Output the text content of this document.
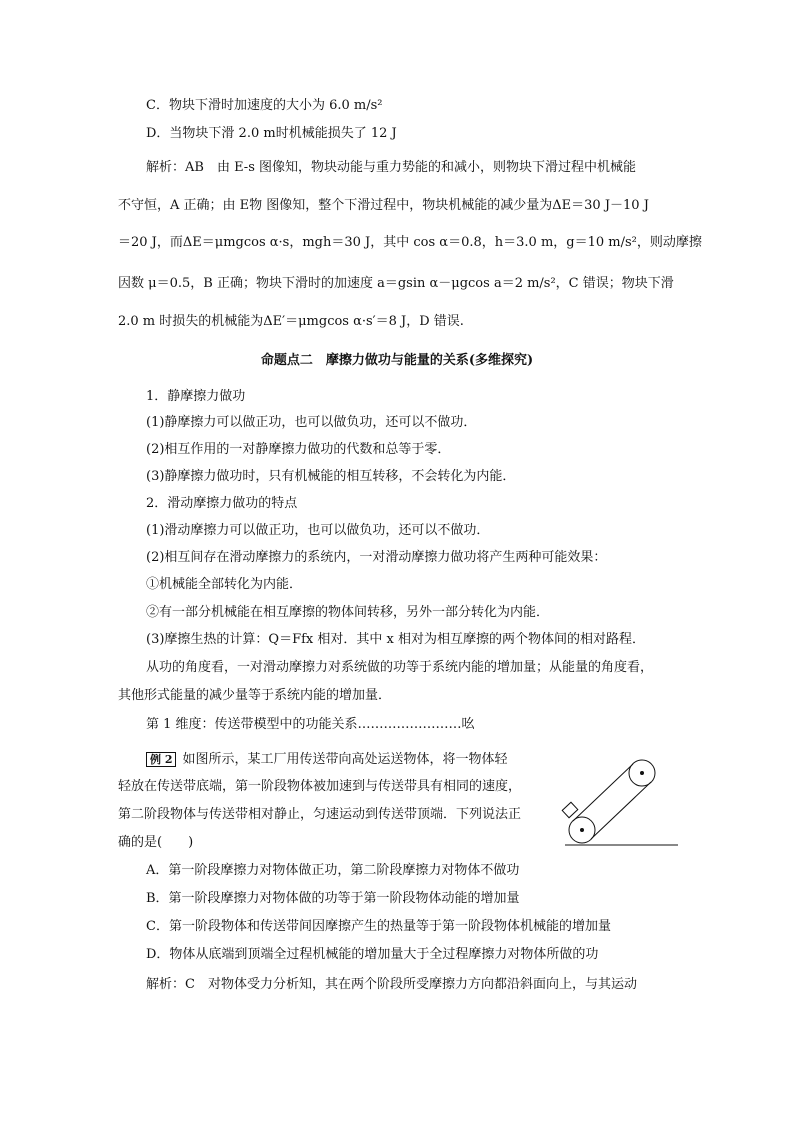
C．物块下滑时加速度的大小为 6.0 m/s²
D．当物块下滑 2.0 m时机械能损失了 12 J
解析：AB　由 E-s 图像知，物块动能与重力势能的和减小，则物块下滑过程中机械能
不守恒，A 正确；由 E物 图像知，整个下滑过程中，物块机械能的减少量为ΔE＝30 J－10 J
＝20 J，而ΔE＝μmgcos α·s，mgh＝30 J，其中 cos α＝0.8，h＝3.0 m，g＝10 m/s²，则动摩擦
因数 μ＝0.5，B 正确；物块下滑时的加速度 a＝gsin α－μgcos a＝2 m/s²，C 错误；物块下滑
2.0 m 时损失的机械能为ΔE′＝μmgcos α·s′＝8 J，D 错误.
命题点二　摩擦力做功与能量的关系(多维探究)
1．静摩擦力做功
(1)静摩擦力可以做正功，也可以做负功，还可以不做功．
(2)相互作用的一对静摩擦力做功的代数和总等于零．
(3)静摩擦力做功时，只有机械能的相互转移，不会转化为内能．
2．滑动摩擦力做功的特点
(1)滑动摩擦力可以做正功，也可以做负功，还可以不做功．
(2)相互间存在滑动摩擦力的系统内，一对滑动摩擦力做功将产生两种可能效果：
①机械能全部转化为内能．
②有一部分机械能在相互摩擦的物体间转移，另外一部分转化为内能．
(3)摩擦生热的计算：Q＝Ffx 相对．其中 x 相对为相互摩擦的两个物体间的相对路程．
从功的角度看，一对滑动摩擦力对系统做的功等于系统内能的增加量；从能量的角度看，
其他形式能量的减少量等于系统内能的增加量．
第 1 维度：传送带模型中的功能关系……………………吆
例 2 如图所示，某工厂用传送带向高处运送物体，将一物体轻
轻放在传送带底端，第一阶段物体被加速到与传送带具有相同的速度，
第二阶段物体与传送带相对静止，匀速运动到传送带顶端．下列说法正
确的是(　　)
A．第一阶段摩擦力对物体做正功，第二阶段摩擦力对物体不做功
B．第一阶段摩擦力对物体做的功等于第一阶段物体动能的增加量
C．第一阶段物体和传送带间因摩擦产生的热量等于第一阶段物体机械能的增加量
D．物体从底端到顶端全过程机械能的增加量大于全过程摩擦力对物体所做的功
解析：C　对物体受力分析知，其在两个阶段所受摩擦力方向都沿斜面向上，与其运动
